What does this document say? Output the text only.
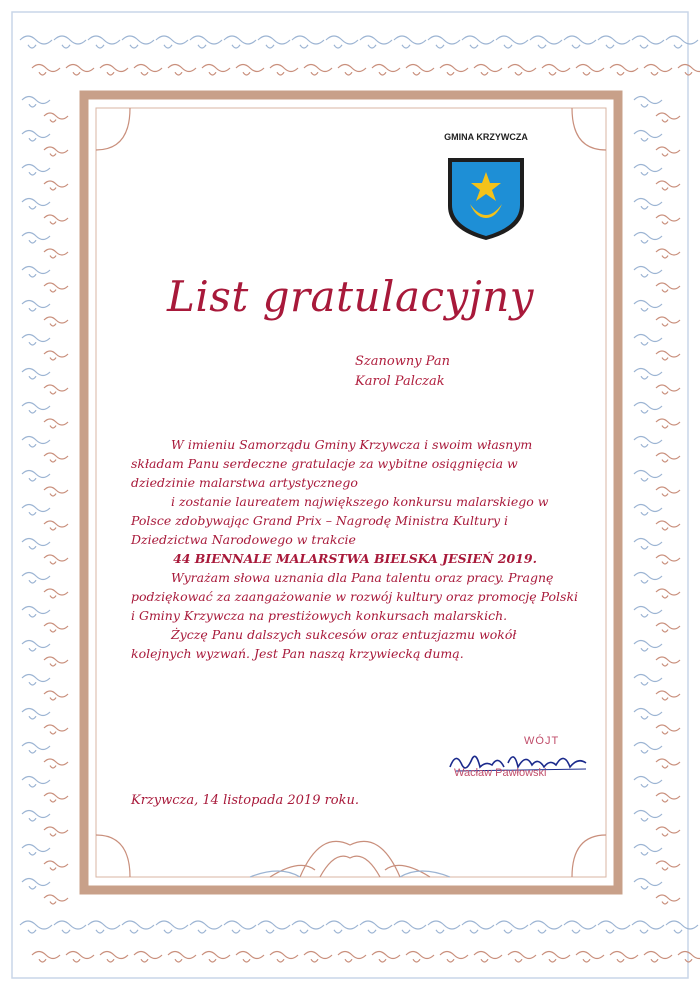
GMINA KRZYWCZA
List gratulacyjny
Szanowny Pan
Karol Palczak

W imieniu Samorządu Gminy Krzywcza i swoim własnym składam Panu serdeczne gratulacje za wybitne osiągnięcia w dziedzinie malarstwa artystycznego

i zostanie laureatem największego konkursu malarskiego w Polsce zdobywając Grand Prix – Nagrodę Ministra Kultury i Dziedzictwa Narodowego w trakcie

44 BIENNALE MALARSTWA BIELSKA JESIEŃ 2019.

Wyrażam słowa uznania dla Pana talentu oraz pracy. Pragnę podziękować za zaangażowanie w rozwój kultury oraz promocję Polski i Gminy Krzywcza na prestiżowych konkursach malarskich.

Życzę Panu dalszych sukcesów oraz entuzjazmu wokół kolejnych wyzwań. Jest Pan naszą krzywiecką dumą.

WÓJT
Wacław Pawłowski
Krzywcza, 14 listopada 2019 roku.
